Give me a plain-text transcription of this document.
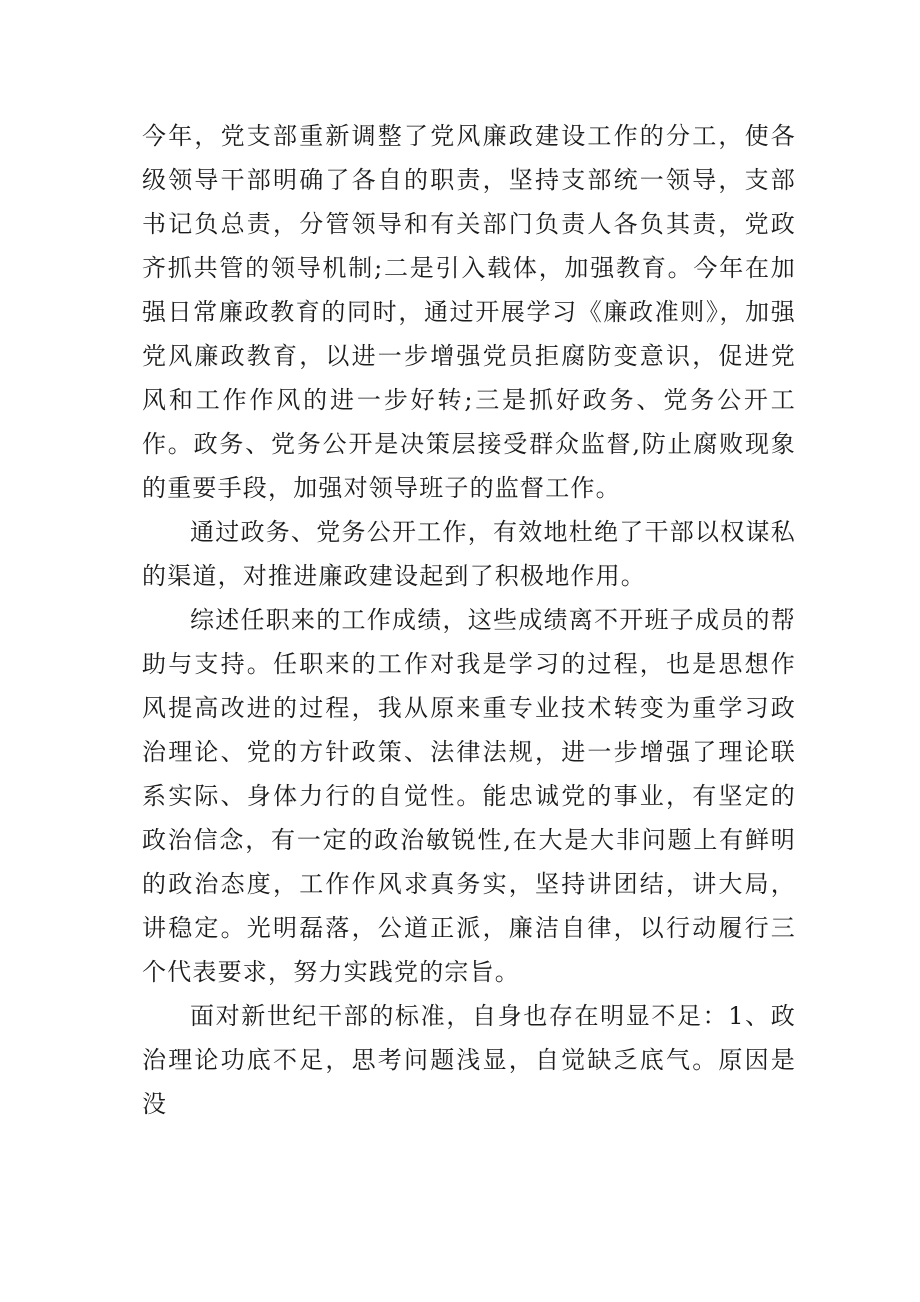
今年，党支部重新调整了党风廉政建设工作的分工，使各级领导干部明确了各自的职责，坚持支部统一领导，支部书记负总责，分管领导和有关部门负责人各负其责，党政齐抓共管的领导机制;二是引入载体，加强教育。今年在加强日常廉政教育的同时，通过开展学习《廉政准则》，加强党风廉政教育，以进一步增强党员拒腐防变意识，促进党风和工作作风的进一步好转;三是抓好政务、党务公开工作。政务、党务公开是决策层接受群众监督,防止腐败现象的重要手段，加强对领导班子的监督工作。

通过政务、党务公开工作，有效地杜绝了干部以权谋私的渠道，对推进廉政建设起到了积极地作用。

综述任职来的工作成绩，这些成绩离不开班子成员的帮助与支持。任职来的工作对我是学习的过程，也是思想作风提高改进的过程，我从原来重专业技术转变为重学习政治理论、党的方针政策、法律法规，进一步增强了理论联系实际、身体力行的自觉性。能忠诚党的事业，有坚定的政治信念，有一定的政治敏锐性,在大是大非问题上有鲜明的政治态度，工作作风求真务实，坚持讲团结，讲大局，讲稳定。光明磊落，公道正派，廉洁自律，以行动履行三个代表要求，努力实践党的宗旨。

面对新世纪干部的标准，自身也存在明显不足：1、政治理论功底不足，思考问题浅显，自觉缺乏底气。原因是没
